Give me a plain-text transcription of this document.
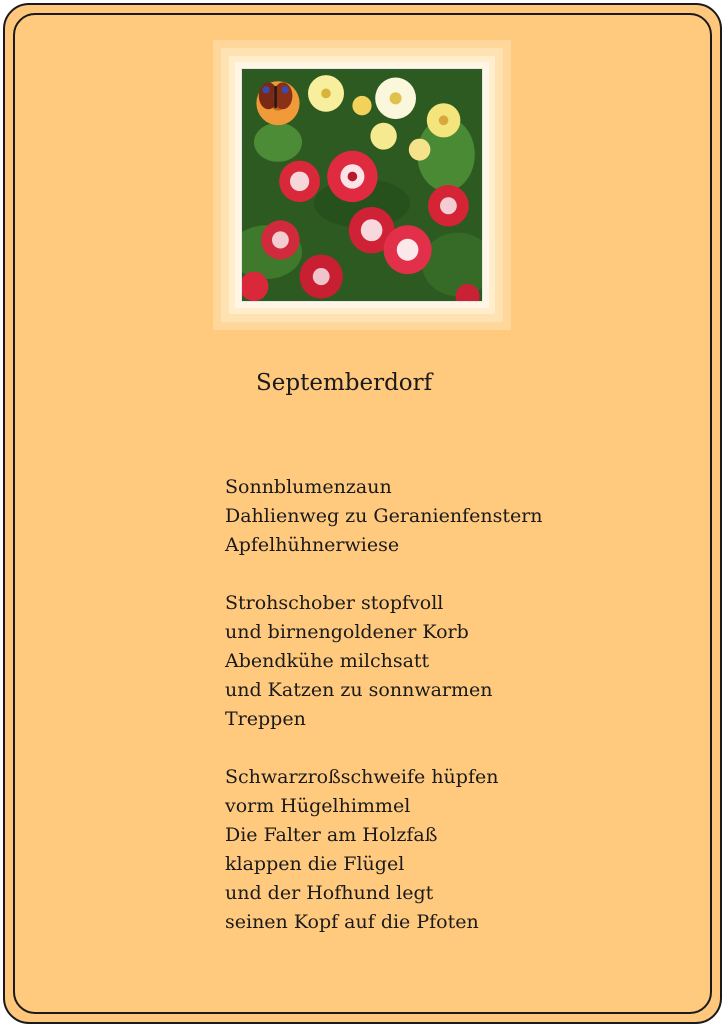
Septemberdorf

Sonnblumenzaun
Dahlienweg zu Geranienfenstern
Apfelhühnerwiese

Strohschober stopfvoll
und birnengoldener Korb
Abendkühe milchsatt
und Katzen zu sonnwarmen
Treppen

Schwarzroßschweife hüpfen
vorm Hügelhimmel
Die Falter am Holzfaß
klappen die Flügel
und der Hofhund legt
seinen Kopf auf die Pfoten
